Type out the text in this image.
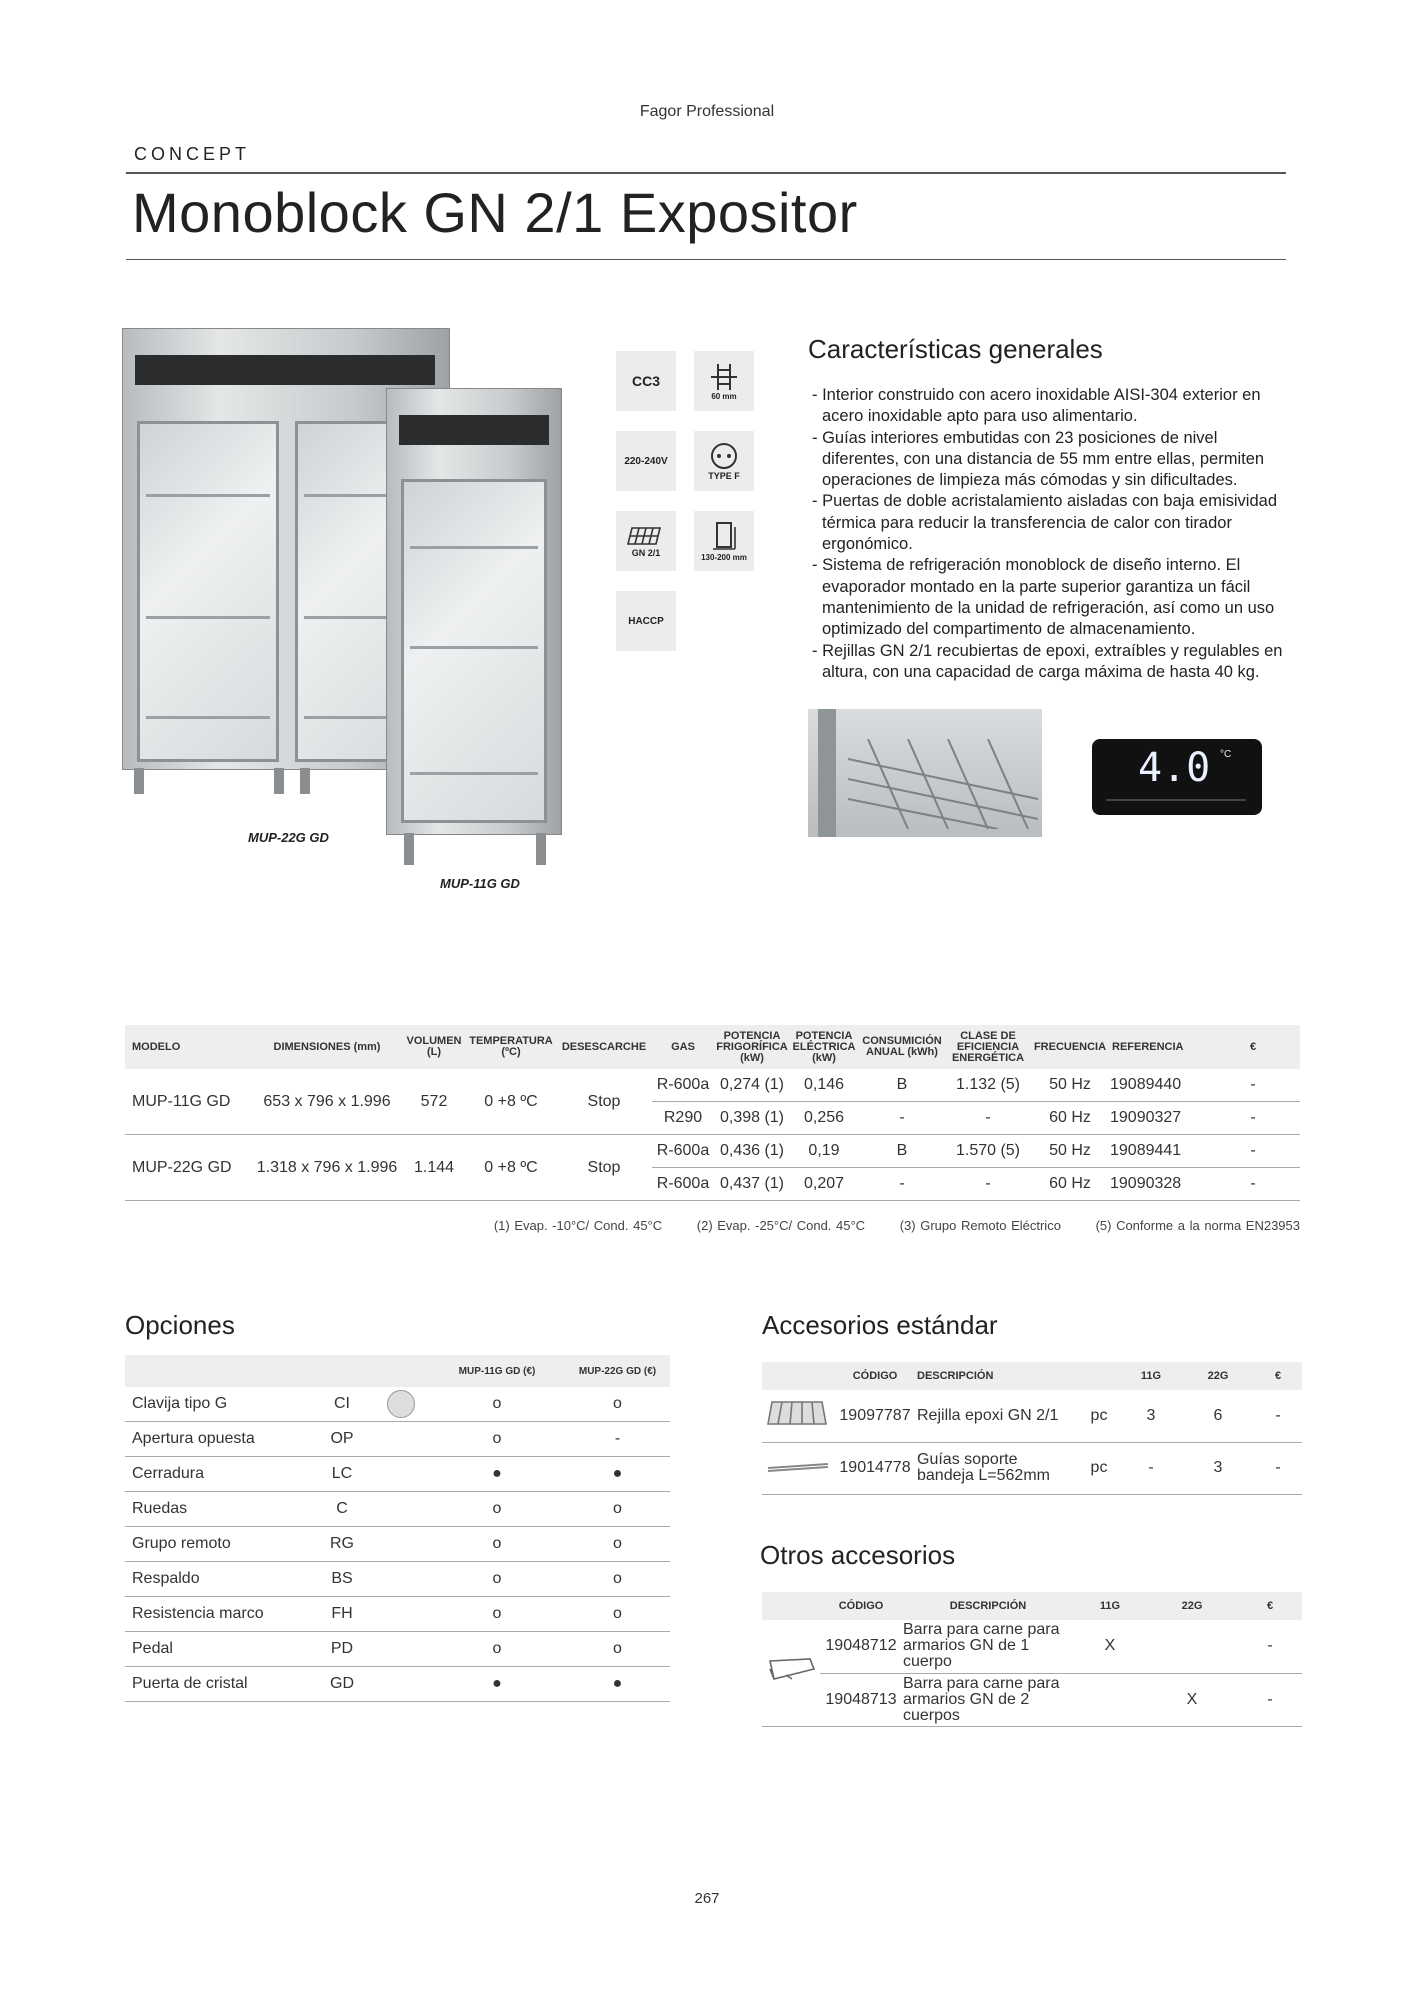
Fagor Professional
CONCEPT
Monoblock GN 2/1 Expositor
MUP-22G GD
MUP-11G GD
CC3
60 mm
220-240V
TYPE F
GN 2/1	130-200 mm
HACCP
Características generales
- Interior construido con acero inoxidable AISI-304 exterior en acero inoxidable apto para uso alimentario.
- Guías interiores embutidas con 23 posiciones de nivel diferentes, con una distancia de 55 mm entre ellas, permiten operaciones de limpieza más cómodas y sin dificultades.
- Puertas de doble acristalamiento aisladas con baja emisividad térmica para reducir la transferencia de calor con tirador ergonómico.
- Sistema de refrigeración monoblock de diseño interno. El evaporador montado en la parte superior garantiza un fácil mantenimiento de la unidad de refrigeración, así como un uso optimizado del compartimento de almacenamiento.
- Rejillas GN 2/1 recubiertas de epoxi, extraíbles y regulables en altura, con una capacidad de carga máxima de hasta 40 kg.
4.0 °C
MODELO	DIMENSIONES (mm)	VOLUMEN (L)	TEMPERATURA (ºC)	DESESCARCHE	GAS	POTENCIA FRIGORÍFICA (kW)	POTENCIA ELÉCTRICA (kW)	CONSUMICIÓN ANUAL (kWh)	CLASE DE EFICIENCIA ENERGÉTICA	FRECUENCIA	REFERENCIA	€
MUP-11G GD	653 x 796 x 1.996	572	0 +8 ºC	Stop	R-600a	0,274 (1)	0,146	B	1.132 (5)	50 Hz	19089440	-
					R290	0,398 (1)	0,256	-	-	60 Hz	19090327	-
MUP-22G GD	1.318 x 796 x 1.996	1.144	0 +8 ºC	Stop	R-600a	0,436 (1)	0,19	B	1.570 (5)	50 Hz	19089441	-
					R-600a	0,437 (1)	0,207	-	-	60 Hz	19090328	-
(1) Evap. -10°C/ Cond. 45°C	(2) Evap. -25°C/ Cond. 45°C	(3) Grupo Remoto Eléctrico	(5) Conforme a la norma EN23953
Opciones
			MUP-11G GD (€)	MUP-22G GD (€)
Clavija tipo G	CI		o	o
Apertura opuesta	OP		o	-
Cerradura	LC		●	●
Ruedas	C		o	o
Grupo remoto	RG		o	o
Respaldo	BS		o	o
Resistencia marco	FH		o	o
Pedal	PD		o	o
Puerta de cristal	GD		●	●
Accesorios estándar
	CÓDIGO	DESCRIPCIÓN		11G	22G	€
	19097787	Rejilla epoxi GN 2/1	pc	3	6	-
	19014778	Guías soporte bandeja L=562mm	pc	-	3	-
Otros accesorios
	CÓDIGO	DESCRIPCIÓN	11G	22G	€
	19048712	Barra para carne para armarios GN de 1 cuerpo	X		-
	19048713	Barra para carne para armarios GN de 2 cuerpos		X	-
267
